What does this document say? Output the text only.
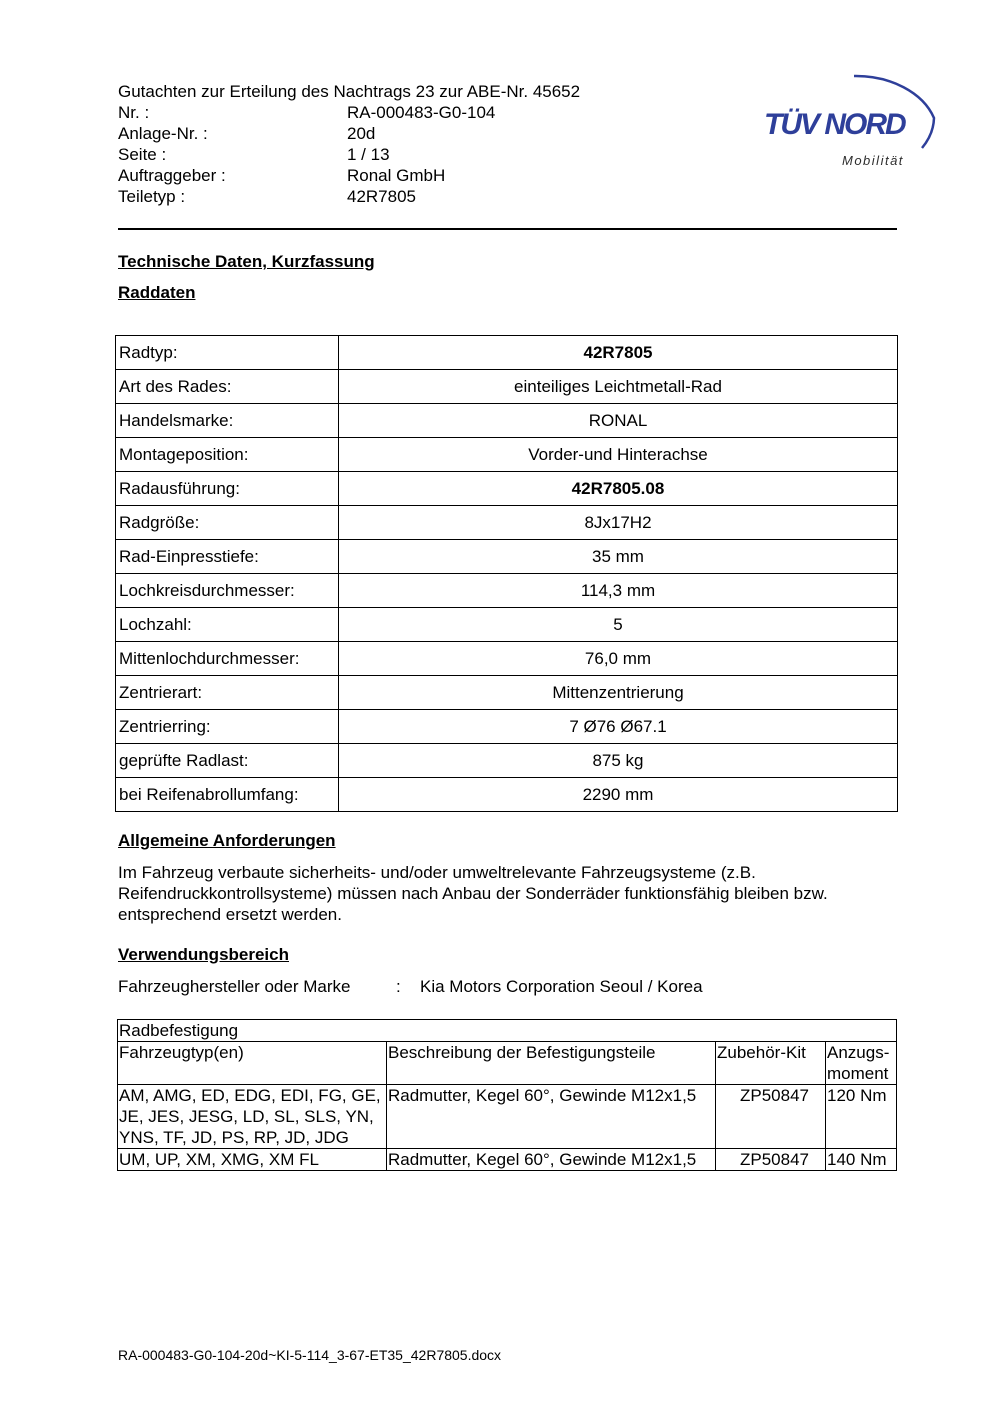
Gutachten zur Erteilung des Nachtrags 23 zur ABE-Nr. 45652
Nr. :	RA-000483-G0-104
Anlage-Nr. :	20d
Seite :	1 / 13
Auftraggeber :	Ronal GmbH
Teiletyp :	42R7805
TÜV NORD
Mobilität
Technische Daten, Kurzfassung
Raddaten
Radtyp:	42R7805
Art des Rades:	einteiliges Leichtmetall-Rad
Handelsmarke:	RONAL
Montageposition:	Vorder-und Hinterachse
Radausführung:	42R7805.08
Radgröße:	8Jx17H2
Rad-Einpresstiefe:	35 mm
Lochkreisdurchmesser:	114,3 mm
Lochzahl:	5
Mittenlochdurchmesser:	76,0 mm
Zentrierart:	Mittenzentrierung
Zentrierring:	7 Ø76 Ø67.1
geprüfte Radlast:	875 kg
bei Reifenabrollumfang:	2290 mm
Allgemeine Anforderungen
Im Fahrzeug verbaute sicherheits- und/oder umweltrelevante Fahrzeugsysteme (z.B. Reifendruckkontrollsysteme) müssen nach Anbau der Sonderräder funktionsfähig bleiben bzw. entsprechend ersetzt werden.
Verwendungsbereich
Fahrzeughersteller oder Marke	:	Kia Motors Corporation Seoul / Korea
Radbefestigung			
Fahrzeugtyp(en)	Beschreibung der Befestigungsteile	Zubehör-Kit	Anzugs-moment
AM, AMG, ED, EDG, EDI, FG, GE, JE, JES, JESG, LD, SL, SLS, YN, YNS, TF, JD, PS, RP, JD, JDG	Radmutter, Kegel 60°, Gewinde M12x1,5	ZP50847	120 Nm
UM, UP, XM, XMG, XM FL	Radmutter, Kegel 60°, Gewinde M12x1,5	ZP50847	140 Nm
RA-000483-G0-104-20d~KI-5-114_3-67-ET35_42R7805.docx
